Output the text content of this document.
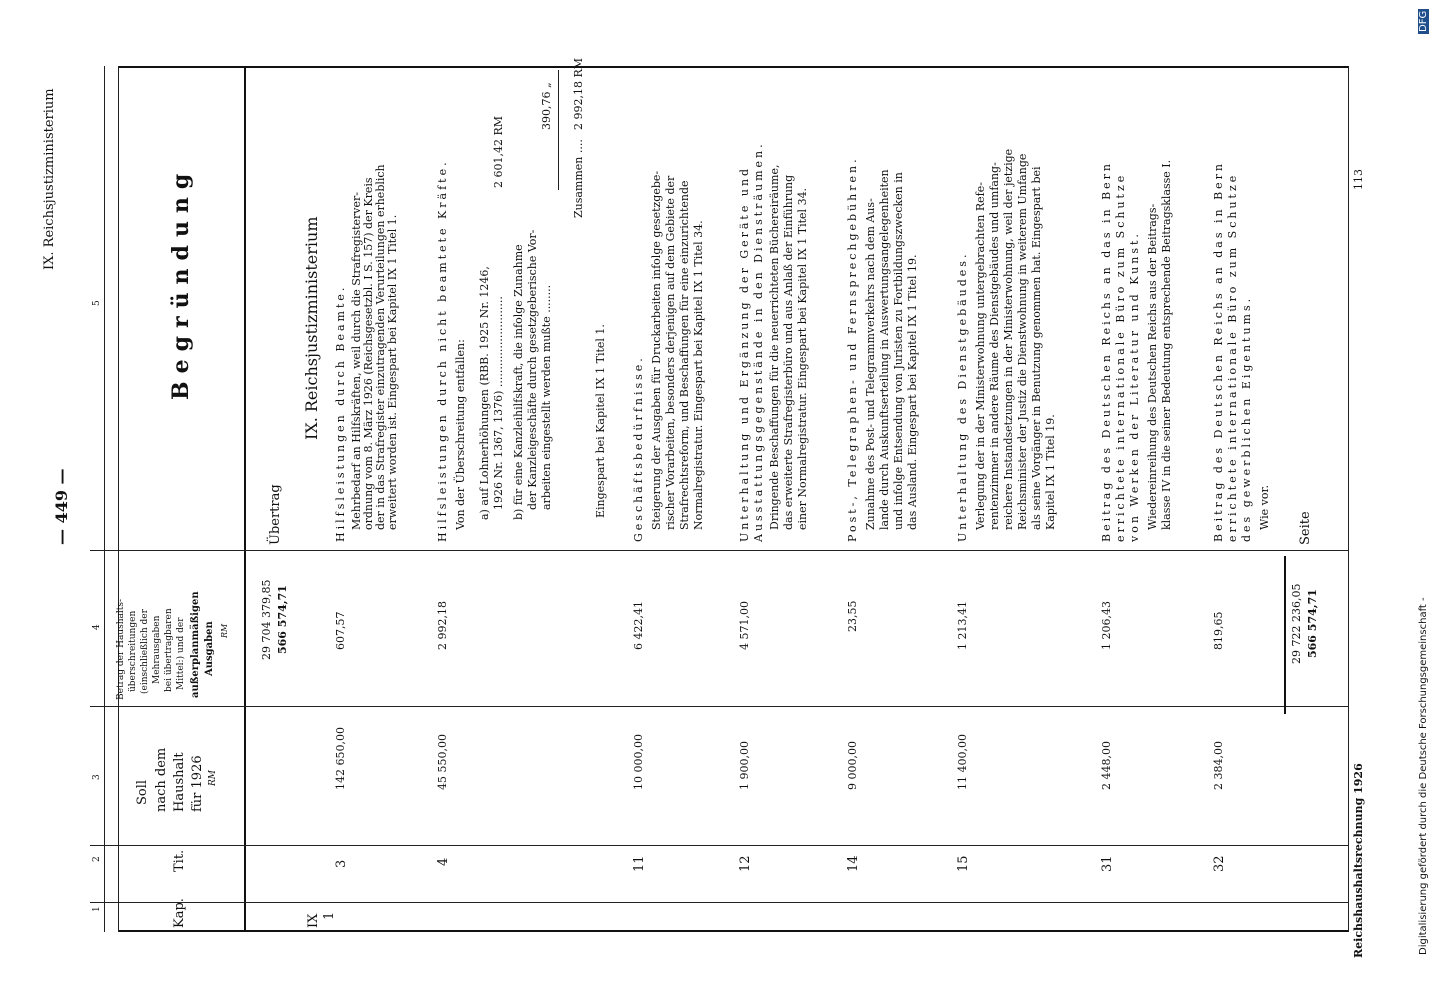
— 449 —
IX. Reichsjustizministerium
Reichshaushaltsrechnung 1926
113
Digitalisierung gefördert durch die Deutsche Forschungsgemeinschaft -
DFG
1
2
3
4
5
Kap.
Tit.
Soll nach dem Haushalt für 1926 RM
Betrag der Haushalts- überschreitungen (einschließlich der Mehrausgaben bei übertragbaren Mittel:) und der außerplanmäßigen Ausgaben RM
Begründung
Übertrag
29 704 379,85 566 574,71
IX 1
IX. Reichsjustizministerium
3
142 650,00
607,57
Hilfsleistungen durch Beamte. Mehrbedarf an Hilfskräften, weil durch die Strafregisterver- ordnung vom 8. März 1926 (Reichsgesetzbl. I S. 157) der Kreis der in das Strafregister einzutragenden Verurteilungen erheblich erweitert worden ist. Eingespart bei Kapitel IX 1 Titel 1.
4
45 550,00
2 992,18
Hilfsleistungen durch nicht beamtete Kräfte. Von der Überschreitung entfallen: a) auf Lohnerhöhungen (RBB. 1925 Nr. 1246, 1926 Nr. 1367, 1376) .......................... b) für eine Kanzleihilfskraft, die infolge Zunahme der Kanzleigeschäfte durch gesetzgeberische Vor- arbeiten eingestellt werden mußte ........
Zusammen ....
Eingespart bei Kapitel IX 1 Titel 1.
2 601,42 RM
390,76 „ 2 992,18 RM
11
10 000,00
6 422,41
Geschäftsbedürfnisse. Steigerung der Ausgaben für Druckarbeiten infolge gesetzgebe- rischer Vorarbeiten, besonders derjenigen auf dem Gebiete der Strafrechtsreform, und Beschaffungen für eine einzurichtende Normalregistratur. Eingespart bei Kapitel IX 1 Titel 34.
12
1 900,00
4 571,00
Unterhaltung und Ergänzung der Geräte und Ausstattungsgegenstände in den Diensträumen. Dringende Beschaffungen für die neuerrichteten Büchereiräume, das erweiterte Strafregisterbüro und aus Anlaß der Einführung einer Normalregistratur. Eingespart bei Kapitel IX 1 Titel 34.
14
9 000,00
23,55
Post-, Telegraphen- und Fernsprechgebühren. Zunahme des Post- und Telegrammverkehrs nach dem Aus- lande durch Auskunftserteilung in Auswertungsangelegenheiten und infolge Entsendung von Juristen zu Fortbildungszwecken in das Ausland. Eingespart bei Kapitel IX 1 Titel 19.
15
11 400,00
1 213,41
Unterhaltung des Dienstgebäudes. Verlegung der in der Ministerwohnung untergebrachten Refe- rentenzimmer in andere Räume des Dienstgebäudes und umfang- reichere Instandsetzungen in der Ministerwohnung, weil der jetzige Reichsminister der Justiz die Dienstwohnung in weiterem Umfange als seine Vorgänger in Benutzung genommen hat. Eingespart bei Kapitel IX 1 Titel 19.
31
2 448,00
1 206,43
Beitrag des Deutschen Reichs an das in Bern errichtete internationale Büro zum Schutze von Werken der Literatur und Kunst. Wiedereinreihung des Deutschen Reichs aus der Beitrags- klasse IV in die seiner Bedeutung entsprechende Beitragsklasse I.
32
2 384,00
819,65
Beitrag des Deutschen Reichs an das in Bern errichtete internationale Büro zum Schutze des gewerblichen Eigentums. Wie vor. Seite
29 722 236,05 566 574,71
